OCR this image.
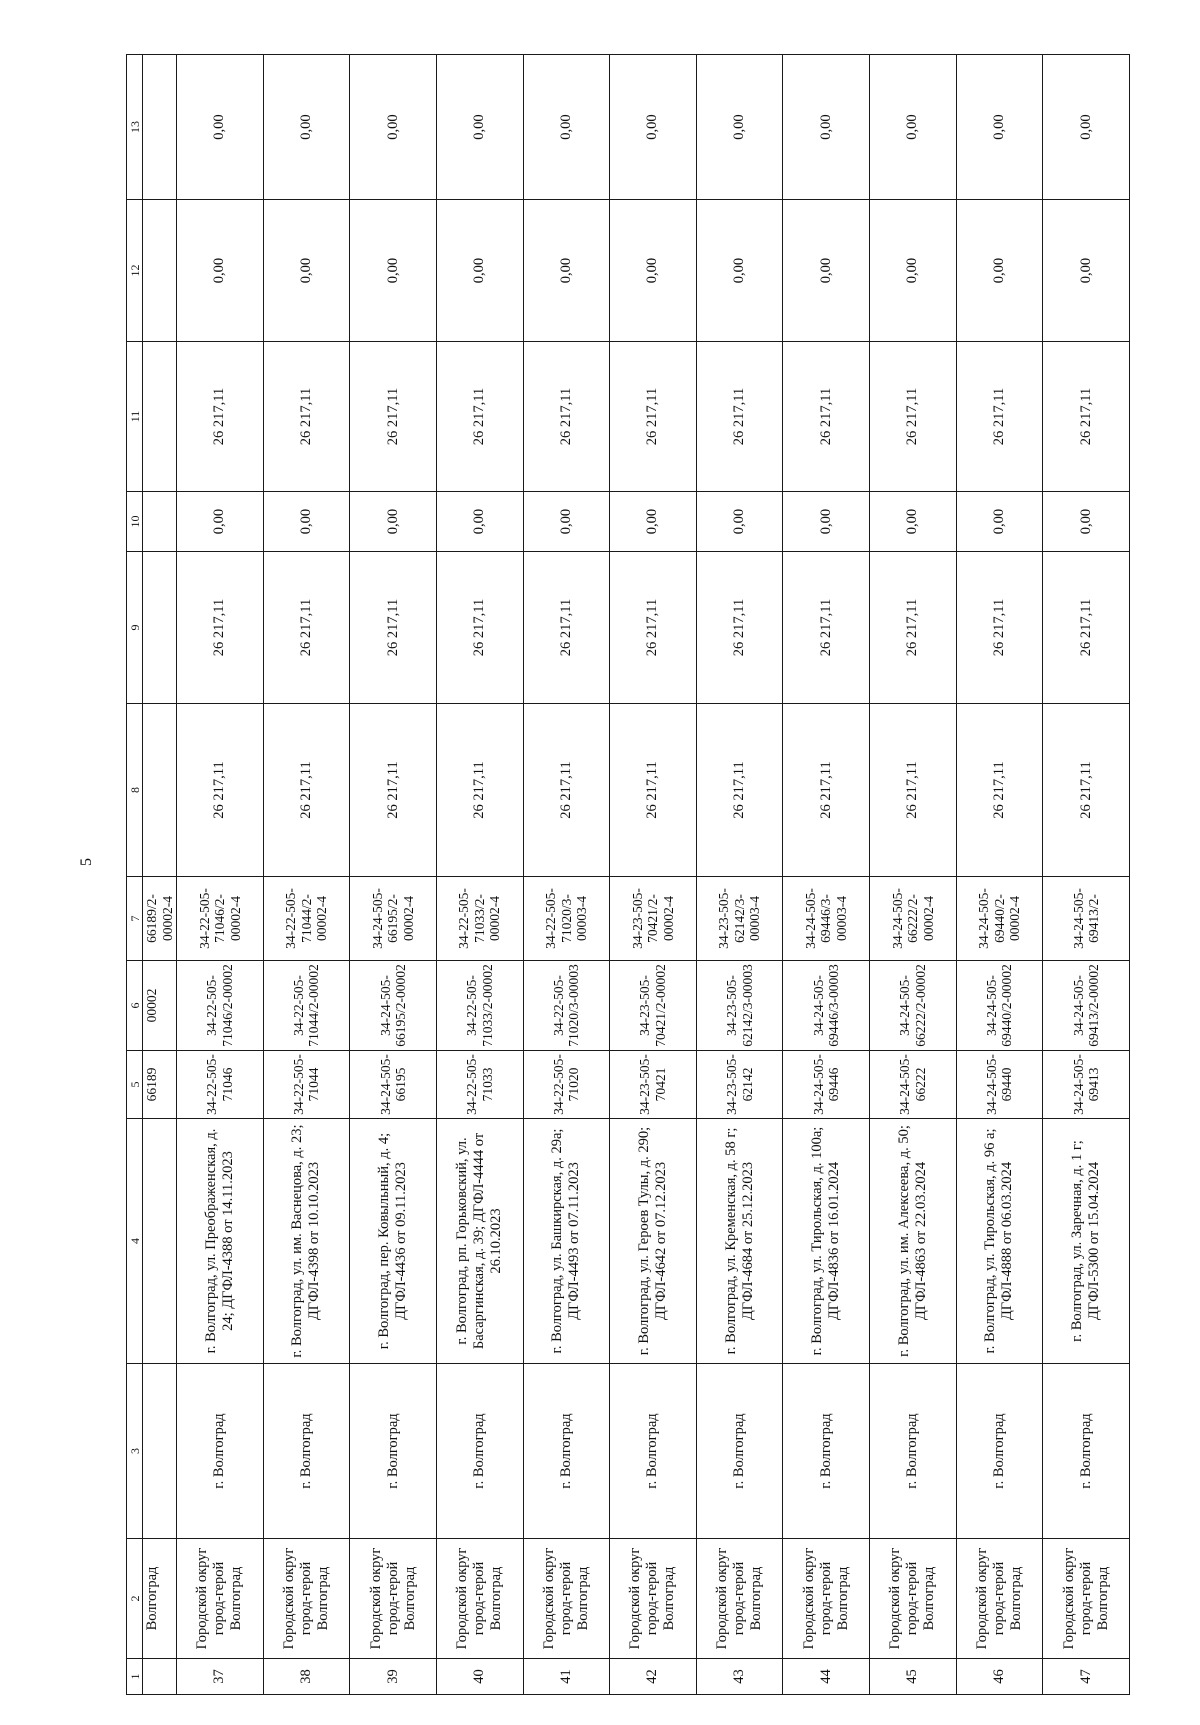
5
1	2	3	4	5	6	7	8	9	10	11	12	13
	Волгоград			66189	00002	66189/2-00002-4						
37	Городской округ город-герой Волгоград	г. Волгоград	г. Волгоград, ул. Преображенская, д. 24; ДГФЛ-4388 от 14.11.2023	34-22-505-71046	34-22-505-71046/2-00002	34-22-505-71046/2-00002-4	26 217,11	26 217,11	0,00	26 217,11	0,00	0,00
38	Городской округ город-герой Волгоград	г. Волгоград	г. Волгоград, ул. им. Васнецова, д. 23; ДГФЛ-4398 от 10.10.2023	34-22-505-71044	34-22-505-71044/2-00002	34-22-505-71044/2-00002-4	26 217,11	26 217,11	0,00	26 217,11	0,00	0,00
39	Городской округ город-герой Волгоград	г. Волгоград	г. Волгоград, пер. Ковыльный, д. 4; ДГФЛ-4436 от 09.11.2023	34-24-505-66195	34-24-505-66195/2-00002	34-24-505-66195/2-00002-4	26 217,11	26 217,11	0,00	26 217,11	0,00	0,00
40	Городской округ город-герой Волгоград	г. Волгоград	г. Волгоград, рп. Горьковский, ул. Басаргинская, д. 39; ДГФЛ-4444 от 26.10.2023	34-22-505-71033	34-22-505-71033/2-00002	34-22-505-71033/2-00002-4	26 217,11	26 217,11	0,00	26 217,11	0,00	0,00
41	Городской округ город-герой Волгоград	г. Волгоград	г. Волгоград, ул. Башкирская, д. 29а; ДГФЛ-4493 от 07.11.2023	34-22-505-71020	34-22-505-71020/3-00003	34-22-505-71020/3-00003-4	26 217,11	26 217,11	0,00	26 217,11	0,00	0,00
42	Городской округ город-герой Волгоград	г. Волгоград	г. Волгоград, ул. Героев Тулы, д. 290; ДГФЛ-4642 от 07.12.2023	34-23-505-70421	34-23-505-70421/2-00002	34-23-505-70421/2-00002-4	26 217,11	26 217,11	0,00	26 217,11	0,00	0,00
43	Городской округ город-герой Волгоград	г. Волгоград	г. Волгоград, ул. Кременская, д. 58 г; ДГФЛ-4684 от 25.12.2023	34-23-505-62142	34-23-505-62142/3-00003	34-23-505-62142/3-00003-4	26 217,11	26 217,11	0,00	26 217,11	0,00	0,00
44	Городской округ город-герой Волгоград	г. Волгоград	г. Волгоград, ул. Тирольская, д. 100а; ДГФЛ-4836 от 16.01.2024	34-24-505-69446	34-24-505-69446/3-00003	34-24-505-69446/3-00003-4	26 217,11	26 217,11	0,00	26 217,11	0,00	0,00
45	Городской округ город-герой Волгоград	г. Волгоград	г. Волгоград, ул. им. Алексеева, д. 50; ДГФЛ-4863 от 22.03.2024	34-24-505-66222	34-24-505-66222/2-00002	34-24-505-66222/2-00002-4	26 217,11	26 217,11	0,00	26 217,11	0,00	0,00
46	Городской округ город-герой Волгоград	г. Волгоград	г. Волгоград, ул. Тирольская, д. 96 а; ДГФЛ-4888 от 06.03.2024	34-24-505-69440	34-24-505-69440/2-00002	34-24-505-69440/2-00002-4	26 217,11	26 217,11	0,00	26 217,11	0,00	0,00
47	Городской округ город-герой Волгоград	г. Волгоград	г. Волгоград, ул. Заречная, д. 1 г; ДГФЛ-5300 от 15.04.2024	34-24-505-69413	34-24-505-69413/2-00002	34-24-505-69413/2-	26 217,11	26 217,11	0,00	26 217,11	0,00	0,00
